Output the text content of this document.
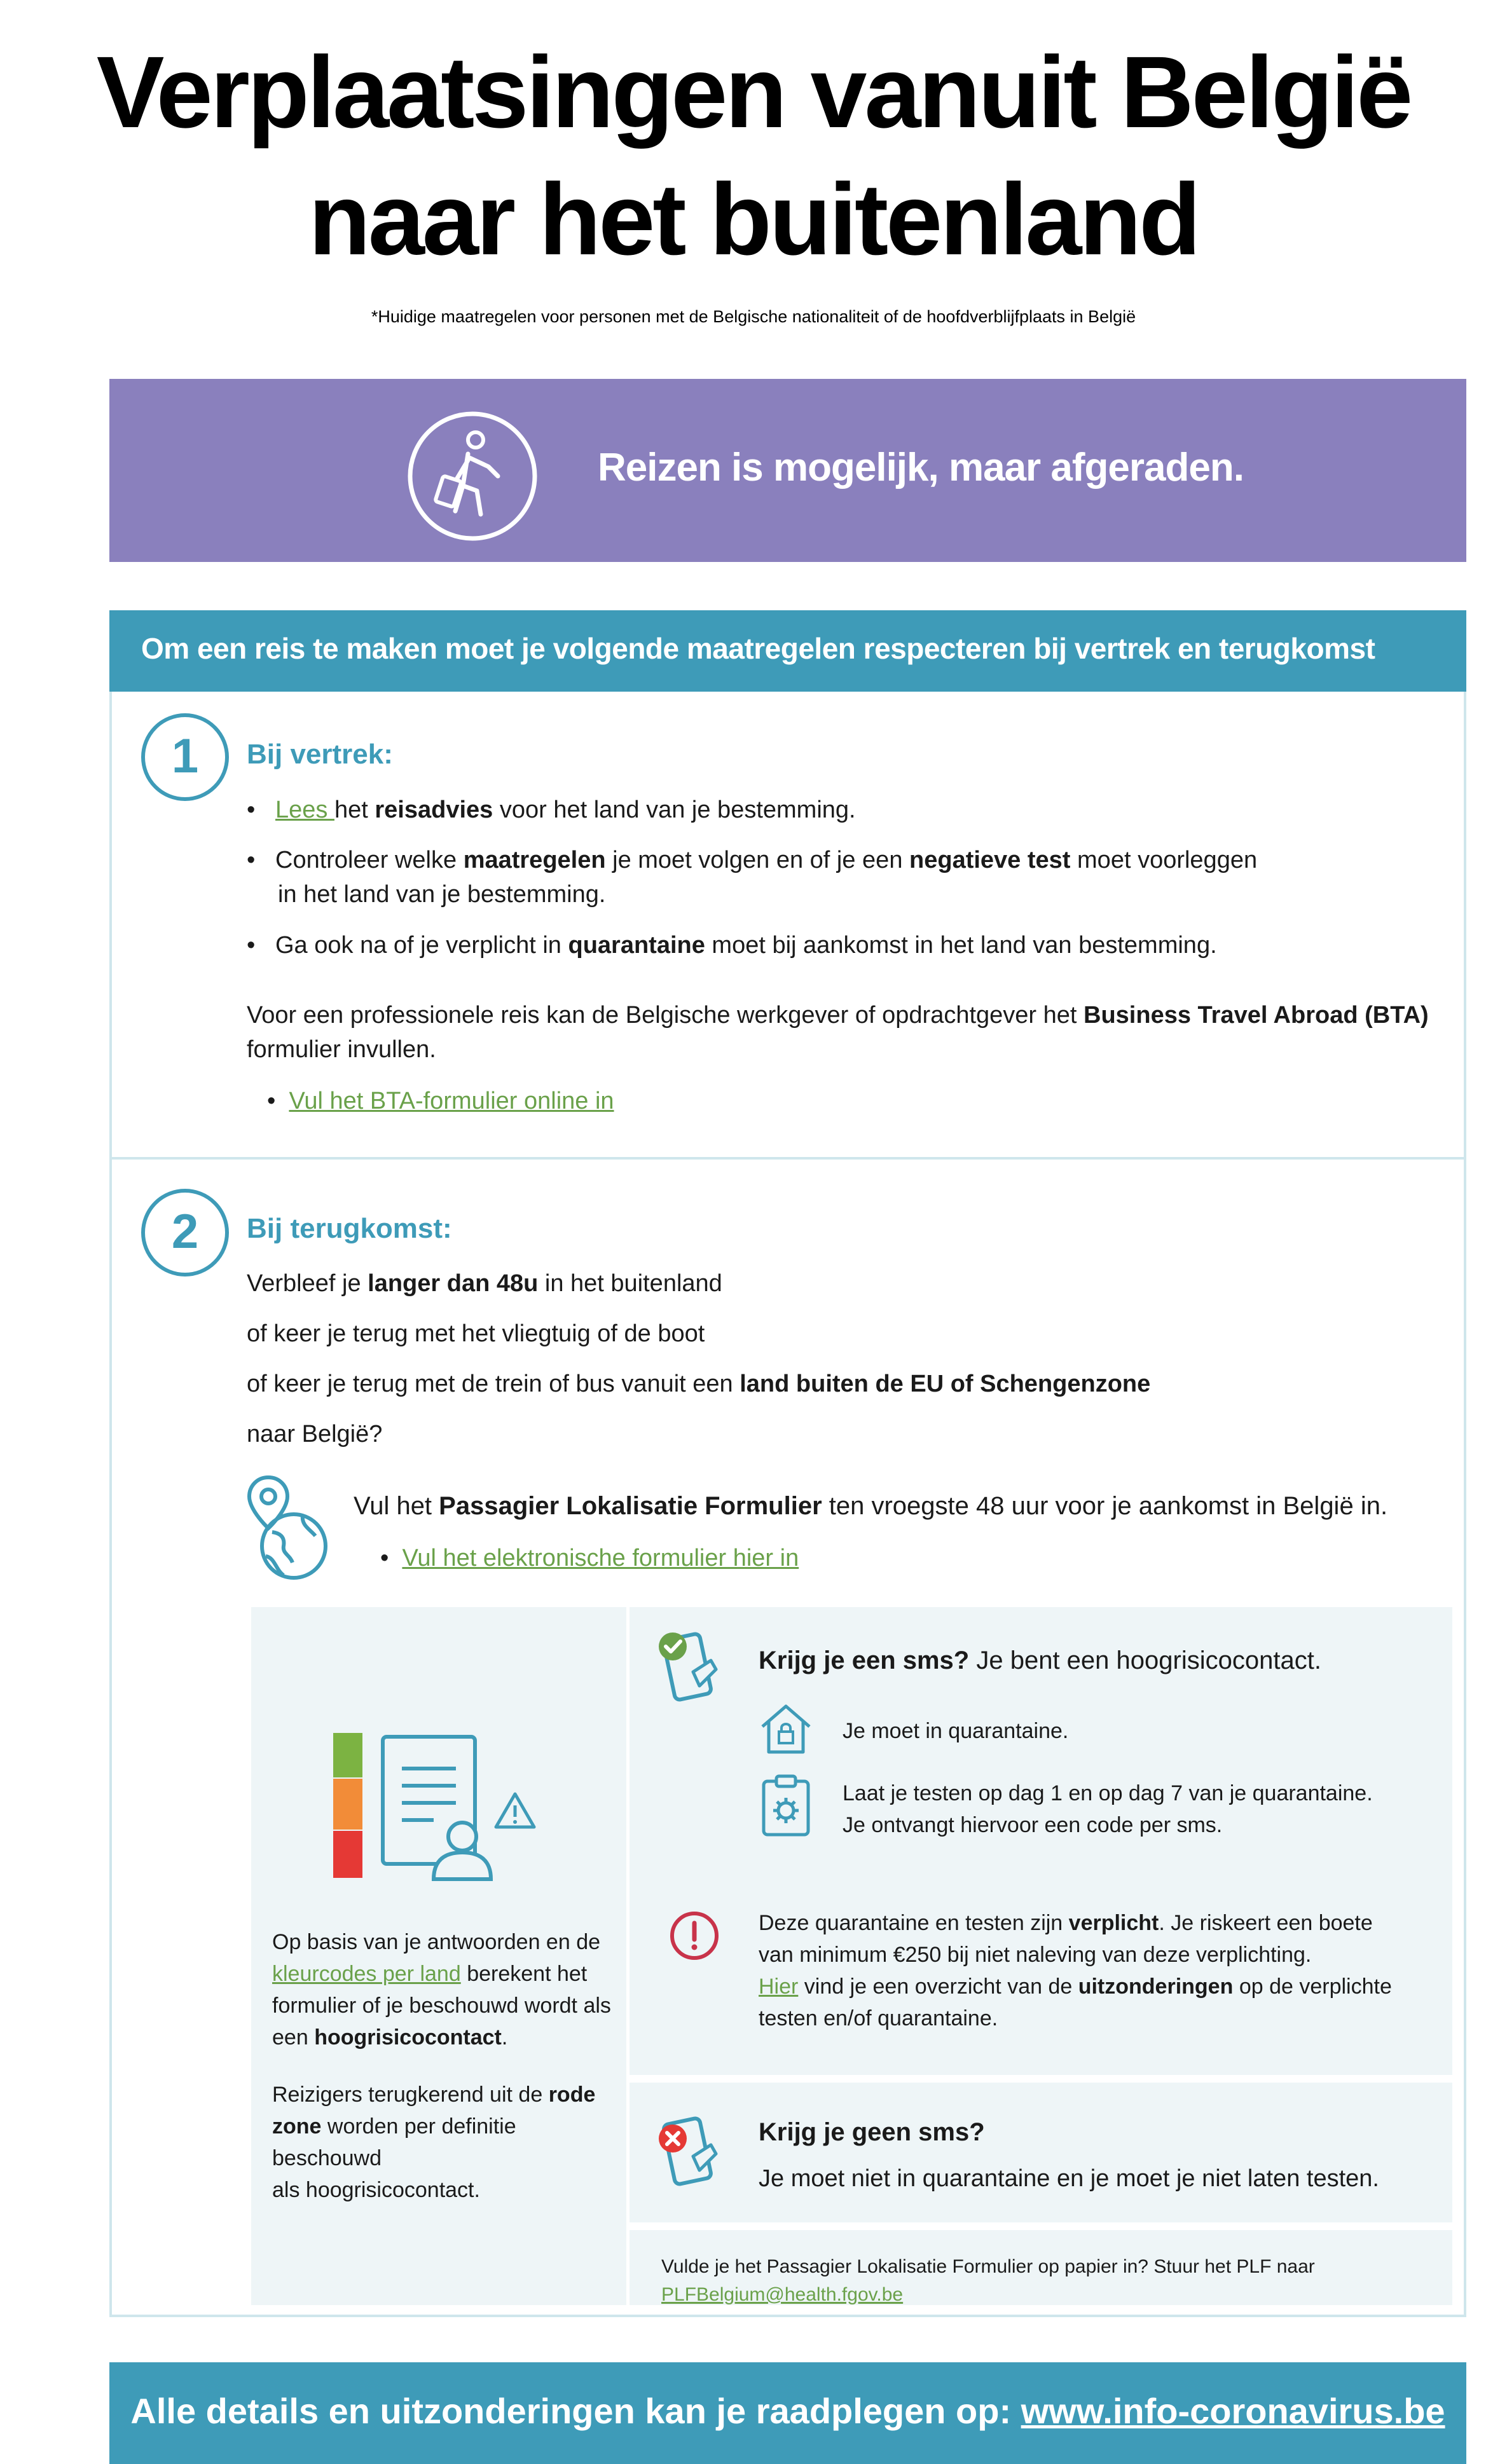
Verplaatsingen vanuit België
naar het buitenland
*Huidige maatregelen voor personen met de Belgische nationaliteit of de hoofdverblijfplaats in België
Reizen is mogelijk, maar afgeraden.
Om een reis te maken moet je volgende maatregelen respecteren bij vertrek en terugkomst
1	Bij vertrek:
• Lees het reisadvies voor het land van je bestemming.
• Controleer welke maatregelen je moet volgen en of je een negatieve test moet voorleggen
in het land van je bestemming.
• Ga ook na of je verplicht in quarantaine moet bij aankomst in het land van bestemming.
Voor een professionele reis kan de Belgische werkgever of opdrachtgever het Business Travel Abroad (BTA)
formulier invullen.
• Vul het BTA-formulier online in
2	Bij terugkomst:
Verbleef je langer dan 48u in het buitenland
of keer je terug met het vliegtuig of de boot
of keer je terug met de trein of bus vanuit een land buiten de EU of Schengenzone
naar België?
Vul het Passagier Lokalisatie Formulier ten vroegste 48 uur voor je aankomst in België in.
• Vul het elektronische formulier hier in
Op basis van je antwoorden en de
kleurcodes per land berekent het
formulier of je beschouwd wordt als
een hoogrisicocontact.
Reizigers terugkerend uit de rode
zone worden per definitie beschouwd
als hoogrisicocontact.
Krijg je een sms? Je bent een hoogrisicocontact.
Je moet in quarantaine.
Laat je testen op dag 1 en op dag 7 van je quarantaine.
Je ontvangt hiervoor een code per sms.
Deze quarantaine en testen zijn verplicht. Je riskeert een boete
van minimum €250 bij niet naleving van deze verplichting.
Hier vind je een overzicht van de uitzonderingen op de verplichte
testen en/of quarantaine.
Krijg je geen sms?
Je moet niet in quarantaine en je moet je niet laten testen.
Vulde je het Passagier Lokalisatie Formulier op papier in? Stuur het PLF naar PLFBelgium@health.fgov.be
Alle details en uitzonderingen kan je raadplegen op: www.info-coronavirus.be
